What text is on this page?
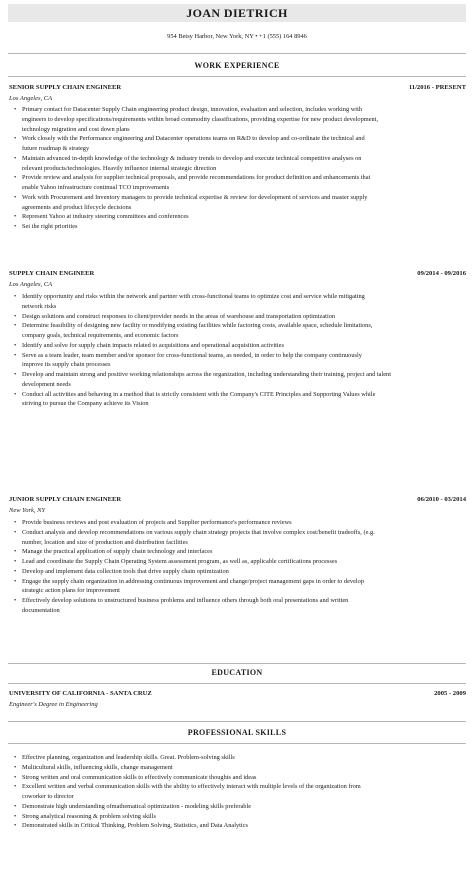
JOAN DIETRICH
954 Betsy Harbor, New York, NY • +1 (555) 164 8946
WORK EXPERIENCE
SENIOR SUPPLY CHAIN ENGINEER	11/2016 - PRESENT
Los Angeles, CA
• Primary contact for Datacenter Supply Chain engineering product design, innovation, evaluation and selection, includes working with
engineers to develop specifications/requirements within broad commodity classifications, providing expertise for new product development,
technology migration and cost down plans
• Work closely with the Performance engineering and Datacenter operations teams on R&D to develop and co-ordinate the technical and
future roadmap & strategy
• Maintain advanced in-depth knowledge of the technology & industry trends to develop and execute technical competitive analyses on
relevant products/technologies. Heavily influence internal strategic direction
• Provide review and analysis for supplier technical proposals, and provide recommendations for product definition and enhancements that
enable Yahoo infrastructure continual TCO improvements
• Work with Procurement and Inventory managers to provide technical expertise & review for development of services and master supply
agreements and product lifecycle decisions
• Represent Yahoo at industry steering committees and conferences
• Set the right priorities
SUPPLY CHAIN ENGINEER	09/2014 - 09/2016
Los Angeles, CA
• Identify opportunity and risks within the network and partner with cross-functional teams to optimize cost and service while mitigating
network risks
• Design solutions and construct responses to client/provider needs in the areas of warehouse and transportation optimization
• Determine feasibility of designing new facility or modifying existing facilities while factoring costs, available space, schedule limitations,
company goals, technical requirements, and economic factors
• Identify and solve for supply chain impacts related to acquisitions and operational acquisition activities
• Serve as a team leader, team member and/or sponsor for cross-functional teams, as needed, in order to help the company continuously
improve its supply chain processes
• Develop and maintain strong and positive working relationships across the organization, including understanding their training, project and talent
development needs
• Conduct all activities and behaving in a method that is strictly consistent with the Company's CITE Principles and Supporting Values while
striving to pursue the Company achieve its Vision
JUNIOR SUPPLY CHAIN ENGINEER	06/2010 - 03/2014
New York, NY
• Provide business reviews and post evaluation of projects and Supplier performance's performance reviews
• Conduct analysis and develop recommendations on various supply chain strategy projects that involve complex cost/benefit tradeoffs, (e.g.
number, location and size of production and distribution facilities
• Manage the practical application of supply chain technology and interfaces
• Lead and coordinate the Supply Chain Operating System assessment program, as well as, applicable certifications processes
• Develop and implement data collection tools that drive supply chain optimization
• Engage the supply chain organization in addressing continuous improvement and change/project management gaps in order to develop
strategic action plans for improvement
• Effectively develop solutions to unstructured business problems and influence others through both oral presentations and written
documentation
EDUCATION
UNIVERSITY OF CALIFORNIA - SANTA CRUZ	2005 - 2009
Engineer's Degree in Engineering
PROFESSIONAL SKILLS
• Effective planning, organization and leadership skills. Great. Problem-solving skills
• Multicultural skills, influencing skills, change management
• Strong written and oral communication skills to effectively communicate thoughts and ideas
• Excellent written and verbal communication skills with the ability to effectively interact with multiple levels of the organization from
coworker to director
• Demonstrate high understanding ofmathematical optimization - modeling skills preferable
• Strong analytical reasoning & problem solving skills
• Demonstrated skills in Critical Thinking, Problem Solving, Statistics, and Data Analytics
